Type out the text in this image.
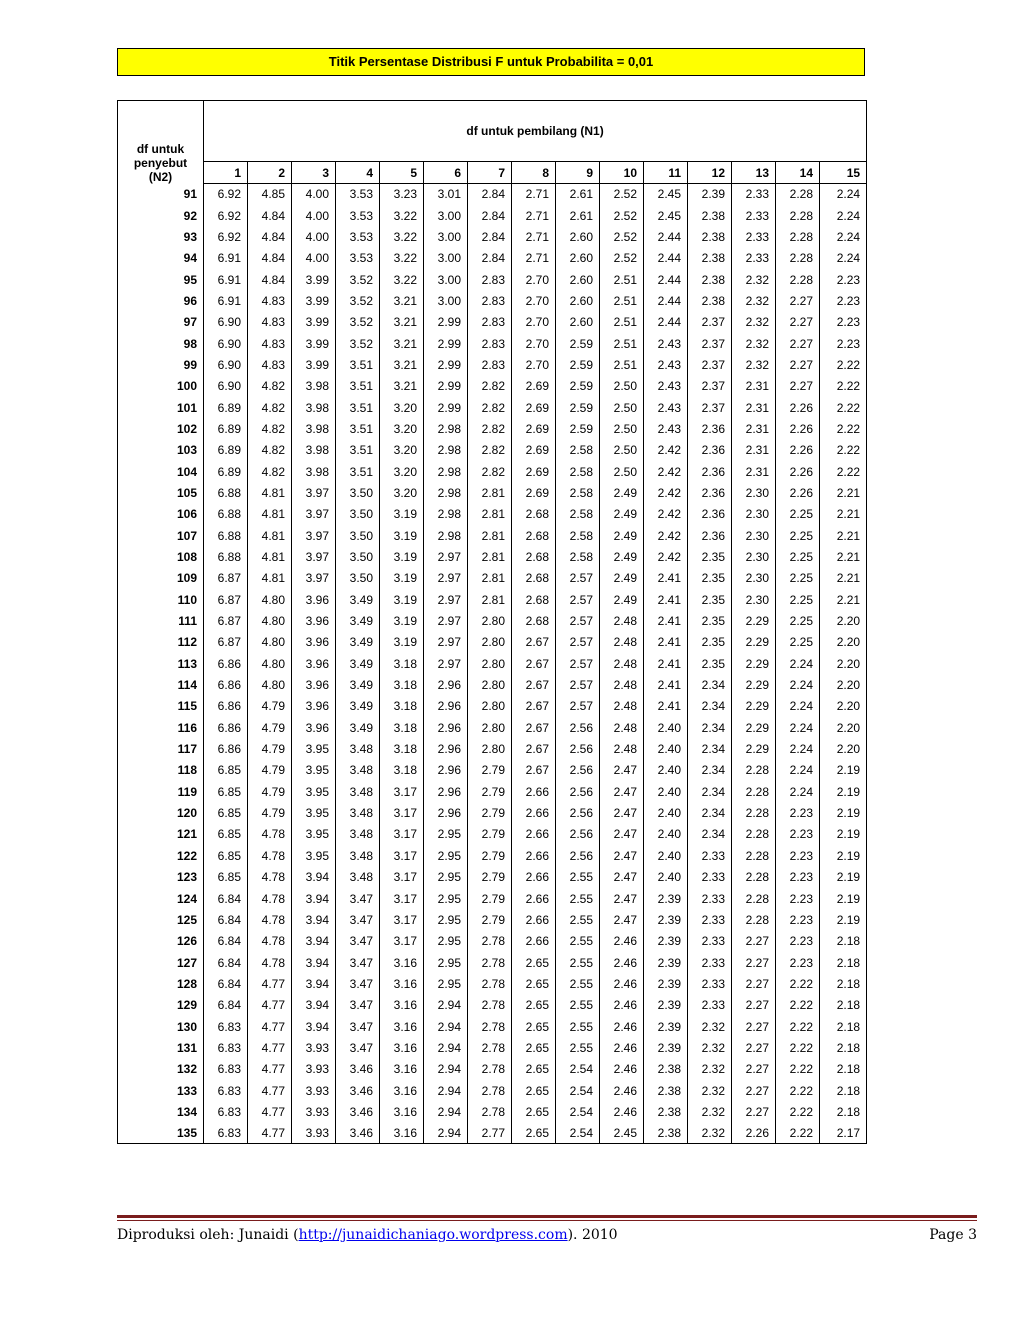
Titik Persentase Distribusi F untuk Probabilita = 0,01
df untuk
penyebut
(N2)	df untuk pembilang (N1)														
	1	2	3	4	5	6	7	8	9	10	11	12	13	14	15
91	6.92	4.85	4.00	3.53	3.23	3.01	2.84	2.71	2.61	2.52	2.45	2.39	2.33	2.28	2.24
92	6.92	4.84	4.00	3.53	3.22	3.00	2.84	2.71	2.61	2.52	2.45	2.38	2.33	2.28	2.24
93	6.92	4.84	4.00	3.53	3.22	3.00	2.84	2.71	2.60	2.52	2.44	2.38	2.33	2.28	2.24
94	6.91	4.84	4.00	3.53	3.22	3.00	2.84	2.71	2.60	2.52	2.44	2.38	2.33	2.28	2.24
95	6.91	4.84	3.99	3.52	3.22	3.00	2.83	2.70	2.60	2.51	2.44	2.38	2.32	2.28	2.23
96	6.91	4.83	3.99	3.52	3.21	3.00	2.83	2.70	2.60	2.51	2.44	2.38	2.32	2.27	2.23
97	6.90	4.83	3.99	3.52	3.21	2.99	2.83	2.70	2.60	2.51	2.44	2.37	2.32	2.27	2.23
98	6.90	4.83	3.99	3.52	3.21	2.99	2.83	2.70	2.59	2.51	2.43	2.37	2.32	2.27	2.23
99	6.90	4.83	3.99	3.51	3.21	2.99	2.83	2.70	2.59	2.51	2.43	2.37	2.32	2.27	2.22
100	6.90	4.82	3.98	3.51	3.21	2.99	2.82	2.69	2.59	2.50	2.43	2.37	2.31	2.27	2.22
101	6.89	4.82	3.98	3.51	3.20	2.99	2.82	2.69	2.59	2.50	2.43	2.37	2.31	2.26	2.22
102	6.89	4.82	3.98	3.51	3.20	2.98	2.82	2.69	2.59	2.50	2.43	2.36	2.31	2.26	2.22
103	6.89	4.82	3.98	3.51	3.20	2.98	2.82	2.69	2.58	2.50	2.42	2.36	2.31	2.26	2.22
104	6.89	4.82	3.98	3.51	3.20	2.98	2.82	2.69	2.58	2.50	2.42	2.36	2.31	2.26	2.22
105	6.88	4.81	3.97	3.50	3.20	2.98	2.81	2.69	2.58	2.49	2.42	2.36	2.30	2.26	2.21
106	6.88	4.81	3.97	3.50	3.19	2.98	2.81	2.68	2.58	2.49	2.42	2.36	2.30	2.25	2.21
107	6.88	4.81	3.97	3.50	3.19	2.98	2.81	2.68	2.58	2.49	2.42	2.36	2.30	2.25	2.21
108	6.88	4.81	3.97	3.50	3.19	2.97	2.81	2.68	2.58	2.49	2.42	2.35	2.30	2.25	2.21
109	6.87	4.81	3.97	3.50	3.19	2.97	2.81	2.68	2.57	2.49	2.41	2.35	2.30	2.25	2.21
110	6.87	4.80	3.96	3.49	3.19	2.97	2.81	2.68	2.57	2.49	2.41	2.35	2.30	2.25	2.21
111	6.87	4.80	3.96	3.49	3.19	2.97	2.80	2.68	2.57	2.48	2.41	2.35	2.29	2.25	2.20
112	6.87	4.80	3.96	3.49	3.19	2.97	2.80	2.67	2.57	2.48	2.41	2.35	2.29	2.25	2.20
113	6.86	4.80	3.96	3.49	3.18	2.97	2.80	2.67	2.57	2.48	2.41	2.35	2.29	2.24	2.20
114	6.86	4.80	3.96	3.49	3.18	2.96	2.80	2.67	2.57	2.48	2.41	2.34	2.29	2.24	2.20
115	6.86	4.79	3.96	3.49	3.18	2.96	2.80	2.67	2.57	2.48	2.41	2.34	2.29	2.24	2.20
116	6.86	4.79	3.96	3.49	3.18	2.96	2.80	2.67	2.56	2.48	2.40	2.34	2.29	2.24	2.20
117	6.86	4.79	3.95	3.48	3.18	2.96	2.80	2.67	2.56	2.48	2.40	2.34	2.29	2.24	2.20
118	6.85	4.79	3.95	3.48	3.18	2.96	2.79	2.67	2.56	2.47	2.40	2.34	2.28	2.24	2.19
119	6.85	4.79	3.95	3.48	3.17	2.96	2.79	2.66	2.56	2.47	2.40	2.34	2.28	2.24	2.19
120	6.85	4.79	3.95	3.48	3.17	2.96	2.79	2.66	2.56	2.47	2.40	2.34	2.28	2.23	2.19
121	6.85	4.78	3.95	3.48	3.17	2.95	2.79	2.66	2.56	2.47	2.40	2.34	2.28	2.23	2.19
122	6.85	4.78	3.95	3.48	3.17	2.95	2.79	2.66	2.56	2.47	2.40	2.33	2.28	2.23	2.19
123	6.85	4.78	3.94	3.48	3.17	2.95	2.79	2.66	2.55	2.47	2.40	2.33	2.28	2.23	2.19
124	6.84	4.78	3.94	3.47	3.17	2.95	2.79	2.66	2.55	2.47	2.39	2.33	2.28	2.23	2.19
125	6.84	4.78	3.94	3.47	3.17	2.95	2.79	2.66	2.55	2.47	2.39	2.33	2.28	2.23	2.19
126	6.84	4.78	3.94	3.47	3.17	2.95	2.78	2.66	2.55	2.46	2.39	2.33	2.27	2.23	2.18
127	6.84	4.78	3.94	3.47	3.16	2.95	2.78	2.65	2.55	2.46	2.39	2.33	2.27	2.23	2.18
128	6.84	4.77	3.94	3.47	3.16	2.95	2.78	2.65	2.55	2.46	2.39	2.33	2.27	2.22	2.18
129	6.84	4.77	3.94	3.47	3.16	2.94	2.78	2.65	2.55	2.46	2.39	2.33	2.27	2.22	2.18
130	6.83	4.77	3.94	3.47	3.16	2.94	2.78	2.65	2.55	2.46	2.39	2.32	2.27	2.22	2.18
131	6.83	4.77	3.93	3.47	3.16	2.94	2.78	2.65	2.55	2.46	2.39	2.32	2.27	2.22	2.18
132	6.83	4.77	3.93	3.46	3.16	2.94	2.78	2.65	2.54	2.46	2.38	2.32	2.27	2.22	2.18
133	6.83	4.77	3.93	3.46	3.16	2.94	2.78	2.65	2.54	2.46	2.38	2.32	2.27	2.22	2.18
134	6.83	4.77	3.93	3.46	3.16	2.94	2.78	2.65	2.54	2.46	2.38	2.32	2.27	2.22	2.18
135	6.83	4.77	3.93	3.46	3.16	2.94	2.77	2.65	2.54	2.45	2.38	2.32	2.26	2.22	2.17
Diproduksi oleh: Junaidi (http://junaidichaniago.wordpress.com). 2010	Page 3
